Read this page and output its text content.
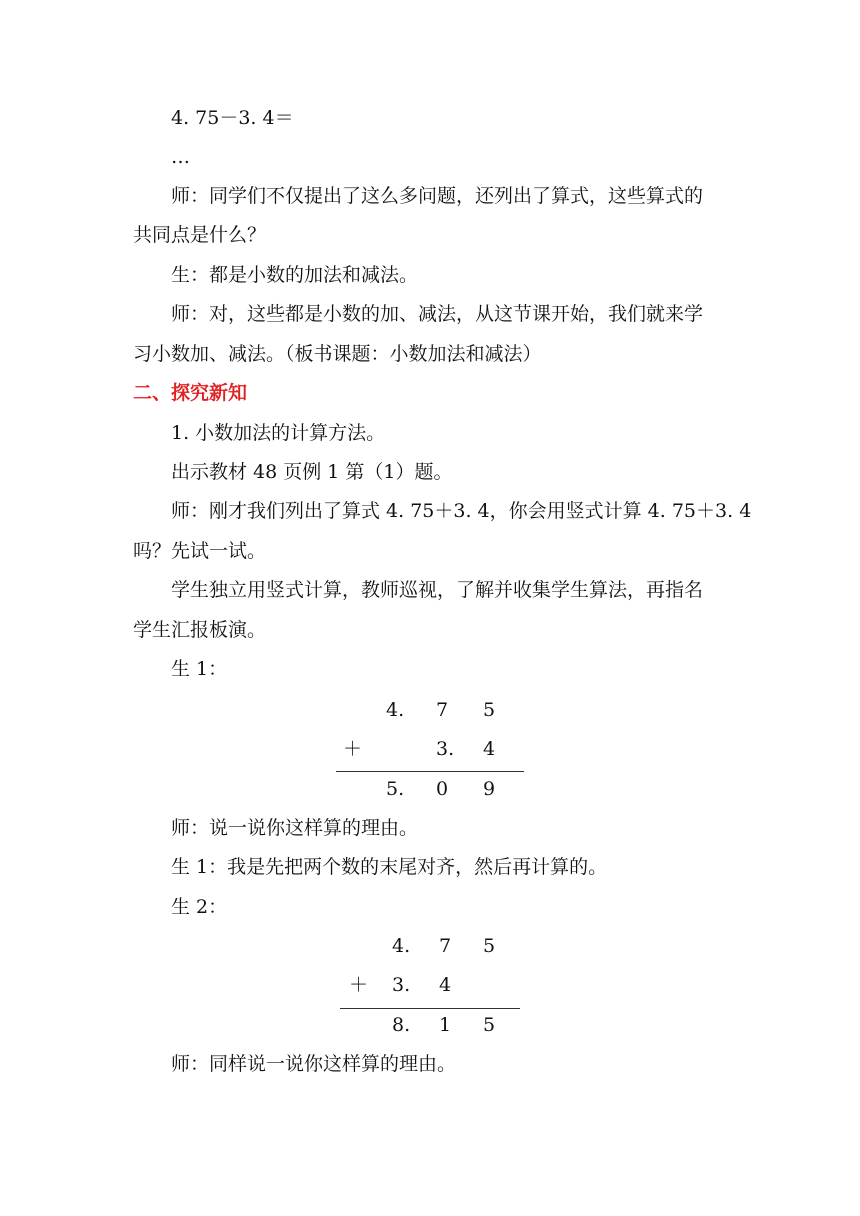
4. 75－3. 4＝
…
师：同学们不仅提出了这么多问题，还列出了算式，这些算式的
共同点是什么？
生：都是小数的加法和减法。
师：对，这些都是小数的加、减法，从这节课开始，我们就来学
习小数加、减法。（板书课题：小数加法和减法）
二、探究新知
1. 小数加法的计算方法。
出示教材 48 页例 1 第（1）题。
师：刚才我们列出了算式 4. 75＋3. 4，你会用竖式计算 4. 75＋3. 4
吗？先试一试。
学生独立用竖式计算，教师巡视，了解并收集学生算法，再指名
学生汇报板演。
生 1：
4. 7 5
＋	3. 4
5. 0 9
师：说一说你这样算的理由。
生 1：我是先把两个数的末尾对齐，然后再计算的。
生 2：
4. 7 5
＋ 3. 4
8. 1 5
师：同样说一说你这样算的理由。
